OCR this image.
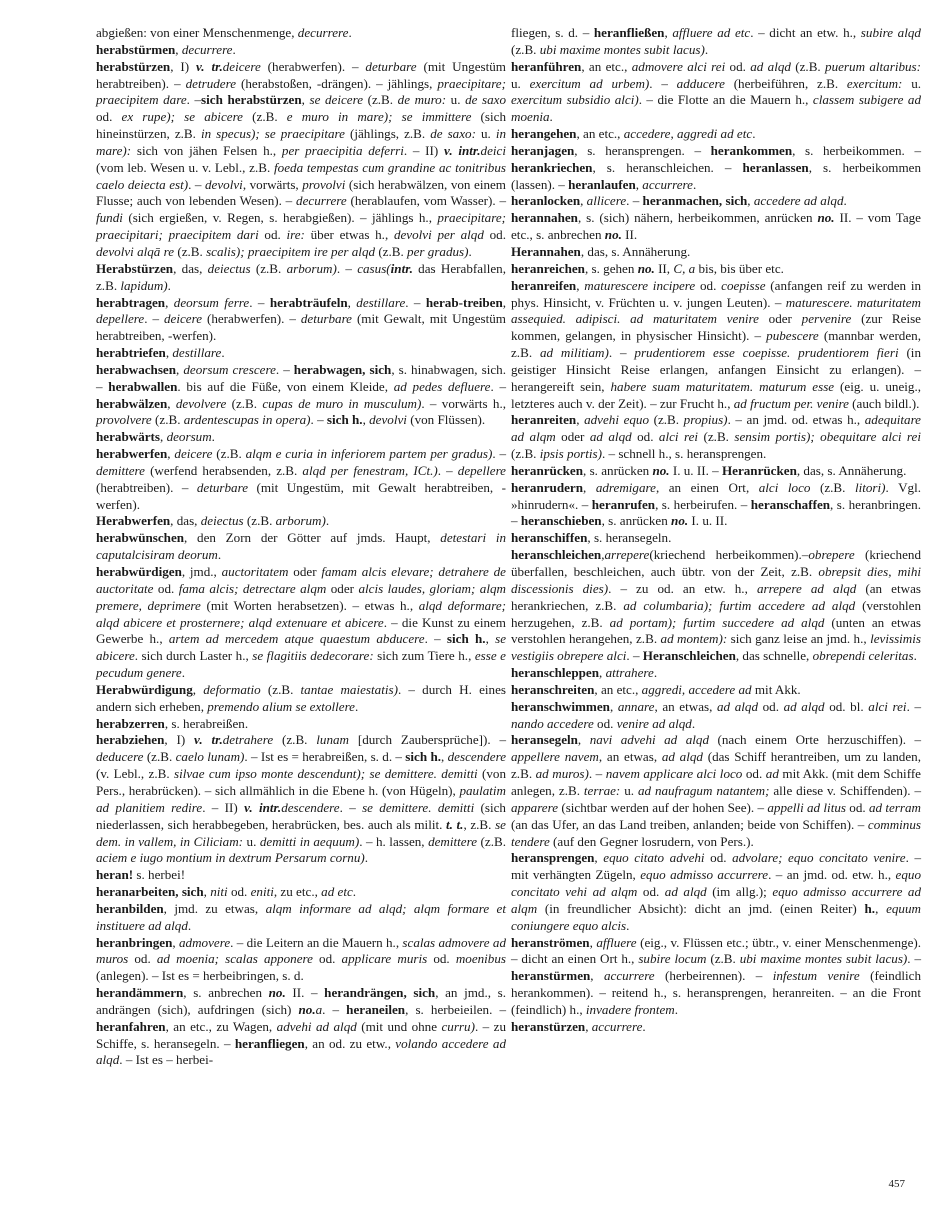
abgießen: von einer Menschenmenge, decurrere.

herabstürmen, decurrere.

herabstürzen, I) v. tr.deicere (herabwerfen). – deturbare (mit Ungestüm herabtreiben). – detrudere (herabstoßen, -drängen). – jählings, praecipitare; praecipitem dare. –sich herabstürzen, se deicere (z.B. de muro: u. de saxo od. ex rupe); se abicere (z.B. e muro in mare); se immittere (sich hineinstürzen, z.B. in specus); se praecipitare (jählings, z.B. de saxo: u. in mare): sich von jähen Felsen h., per praecipitia deferri. – II) v. intr.deici (vom leb. Wesen u. v. Lebl., z.B. foeda tempestas cum grandine ac tonitribus caelo deiecta est). – devolvi, vorwärts, provolvi (sich herabwälzen, von einem Flusse; auch von lebenden Wesen). – decurrere (herablaufen, vom Wasser). – fundi (sich ergießen, v. Regen, s. herabgießen). – jählings h., praecipitare; praecipitari; praecipitem dari od. ire: über etwas h., devolvi per alqd od. devolvi alqā re (z.B. scalis); praecipitem ire per alqd (z.B. per gradus).

Herabstürzen, das, deiectus (z.B. arborum). – casus(intr. das Herabfallen, z.B. lapidum).

herabtragen, deorsum ferre. – herabträufeln, destillare. – herab-treiben, depellere. – deicere (herabwerfen). – deturbare (mit Gewalt, mit Ungestüm herabtreiben, -werfen).

herabtriefen, destillare.

herabwachsen, deorsum crescere. – herabwagen, sich, s. hinabwagen, sich. – herabwallen. bis auf die Füße, von einem Kleide, ad pedes defluere. – herabwälzen, devolvere (z.B. cupas de muro in musculum). – vorwärts h., provolvere (z.B. ardentescupas in opera). – sich h., devolvi (von Flüssen).

herabwärts, deorsum.

herabwerfen, deicere (z.B. alqm e curia in inferiorem partem per gradus). – demittere (werfend herabsenden, z.B. alqd per fenestram, ICt.). – depellere (herabtreiben). – deturbare (mit Ungestüm, mit Gewalt herabtreiben, -werfen).

Herabwerfen, das, deiectus (z.B. arborum).

herabwünschen, den Zorn der Götter auf jmds. Haupt, detestari in caputalcisiram deorum.

herabwürdigen, jmd., auctoritatem oder famam alcis elevare; detrahere de auctoritate od. fama alcis; detrectare alqm oder alcis laudes, gloriam; alqm premere, deprimere (mit Worten herabsetzen). – etwas h., alqd deformare; alqd abicere et prosternere; alqd extenuare et abicere. – die Kunst zu einem Gewerbe h., artem ad mercedem atque quaestum abducere. – sich h., se abicere. sich durch Laster h., se flagitiis dedecorare: sich zum Tiere h., esse e pecudum genere.

Herabwürdigung, deformatio (z.B. tantae maiestatis). – durch H. eines andern sich erheben, premendo alium se extollere.

herabzerren, s. herabreißen.

herabziehen, I) v. tr.detrahere (z.B. lunam [durch Zaubersprüche]). – deducere (z.B. caelo lunam). – Ist es = herabreißen, s. d. – sich h., descendere (v. Lebl., z.B. silvae cum ipso monte descendunt); se demittere. demitti (von Pers., herabrücken). – sich allmählich in die Ebene h. (von Hügeln), paulatim ad planitiem redire. – II) v. intr.descendere. – se demittere. demitti (sich niederlassen, sich herabbegeben, herabrücken, bes. auch als milit. t. t., z.B. se dem. in vallem, in Ciliciam: u. demitti in aequum). – h. lassen, demittere (z.B. aciem e iugo montium in dextrum Persarum cornu).

heran! s. herbei!

heranarbeiten, sich, niti od. eniti, zu etc., ad etc.

heranbilden, jmd. zu etwas, alqm informare ad alqd; alqm formare et instituere ad alqd.

heranbringen, admovere. – die Leitern an die Mauern h., scalas admovere ad muros od. ad moenia; scalas apponere od. applicare muris od. moenibus (anlegen). – Ist es = herbeibringen, s. d.

herandämmern, s. anbrechen no. II. – herandrängen, sich, an jmd., s. andrängen (sich), aufdringen (sich) no.a. – heraneilen, s. herbeieilen. – heranfahren, an etc., zu Wagen, advehi ad alqd (mit und ohne curru). – zu Schiffe, s. heransegeln. – heranfliegen, an od. zu etw., volando accedere ad alqd. – Ist es – herbei-

fliegen, s. d. – heranfließen, affluere ad etc. – dicht an etw. h., subire alqd (z.B. ubi maxime montes subit lacus).

heranführen, an etc., admovere alci rei od. ad alqd (z.B. puerum altaribus: u. exercitum ad urbem). – adducere (herbeiführen, z.B. exercitum: u. exercitum subsidio alci). – die Flotte an die Mauern h., classem subigere ad moenia.

herangehen, an etc., accedere, aggredi ad etc.

heranjagen, s. heransprengen. – herankommen, s. herbeikommen. – herankriechen, s. heranschleichen. – heranlassen, s. herbeikommen (lassen). – heranlaufen, accurrere.

heranlocken, allicere. – heranmachen, sich, accedere ad alqd.

herannahen, s. (sich) nähern, herbeikommen, anrücken no. II. – vom Tage etc., s. anbrechen no. II.

Herannahen, das, s. Annäherung.

heranreichen, s. gehen no. II, C, a bis, bis über etc.

heranreifen, maturescere incipere od. coepisse (anfangen reif zu werden in phys. Hinsicht, v. Früchten u. v. jungen Leuten). – maturescere. maturitatem assequied. adipisci. ad maturitatem venire oder pervenire (zur Reise kommen, gelangen, in physischer Hinsicht). – pubescere (mannbar werden, z.B. ad militiam). – prudentiorem esse coepisse. prudentiorem fieri (in geistiger Hinsicht Reise erlangen, anfangen Einsicht zu erlangen). – herangereift sein, habere suam maturitatem. maturum esse (eig. u. uneig., letzteres auch v. der Zeit). – zur Frucht h., ad fructum per. venire (auch bildl.).

heranreiten, advehi equo (z.B. propius). – an jmd. od. etwas h., adequitare ad alqm oder ad alqd od. alci rei (z.B. sensim portis); obequitare alci rei (z.B. ipsis portis). – schnell h., s. heransprengen.

heranrücken, s. anrücken no. I. u. II. – Heranrücken, das, s. Annäherung.

heranrudern, adremigare, an einen Ort, alci loco (z.B. litori). Vgl. »hinrudern«. – heranrufen, s. herbeirufen. – heranschaffen, s. heranbringen. – heranschieben, s. anrücken no. I. u. II.

heranschiffen, s. heransegeln.

heranschleichen,arrepere(kriechend herbeikommen).–obrepere (kriechend überfallen, beschleichen, auch übtr. von der Zeit, z.B. obrepsit dies, mihi discessionis dies). – zu od. an etw. h., arrepere ad alqd (an etwas herankriechen, z.B. ad columbaria); furtim accedere ad alqd (verstohlen herzugehen, z.B. ad portam); furtim succedere ad alqd (unten an etwas verstohlen herangehen, z.B. ad montem): sich ganz leise an jmd. h., levissimis vestigiis obrepere alci. – Heranschleichen, das schnelle, obrependi celeritas.

heranschleppen, attrahere.

heranschreiten, an etc., aggredi, accedere ad mit Akk.

heranschwimmen, annare, an etwas, ad alqd od. ad alqd od. bl. alci rei. – nando accedere od. venire ad alqd.

heransegeln, navi advehi ad alqd (nach einem Orte herzuschiffen). – appellere navem, an etwas, ad alqd (das Schiff herantreiben, um zu landen, z.B. ad muros). – navem applicare alci loco od. ad mit Akk. (mit dem Schiffe anlegen, z.B. terrae: u. ad naufragum natantem; alle diese v. Schiffenden). – apparere (sichtbar werden auf der hohen See). – appelli ad litus od. ad terram (an das Ufer, an das Land treiben, anlanden; beide von Schiffen). – comminus tendere (auf den Gegner losrudern, von Pers.).

heransprengen, equo citato advehi od. advolare; equo concitato venire. – mit verhängten Zügeln, equo admisso accurrere. – an jmd. od. etw. h., equo concitato vehi ad alqm od. ad alqd (im allg.); equo admisso accurrere ad alqm (in freundlicher Absicht): dicht an jmd. (einen Reiter) h., equum coniungere equo alcis.

heranströmen, affluere (eig., v. Flüssen etc.; übtr., v. einer Menschenmenge). – dicht an einen Ort h., subire locum (z.B. ubi maxime montes subit lacus). – heranstürmen, accurrere (herbeirennen). – infestum venire (feindlich herankommen). – reitend h., s. heransprengen, heranreiten. – an die Front (feindlich) h., invadere frontem.

heranstürzen, accurrere.

457
